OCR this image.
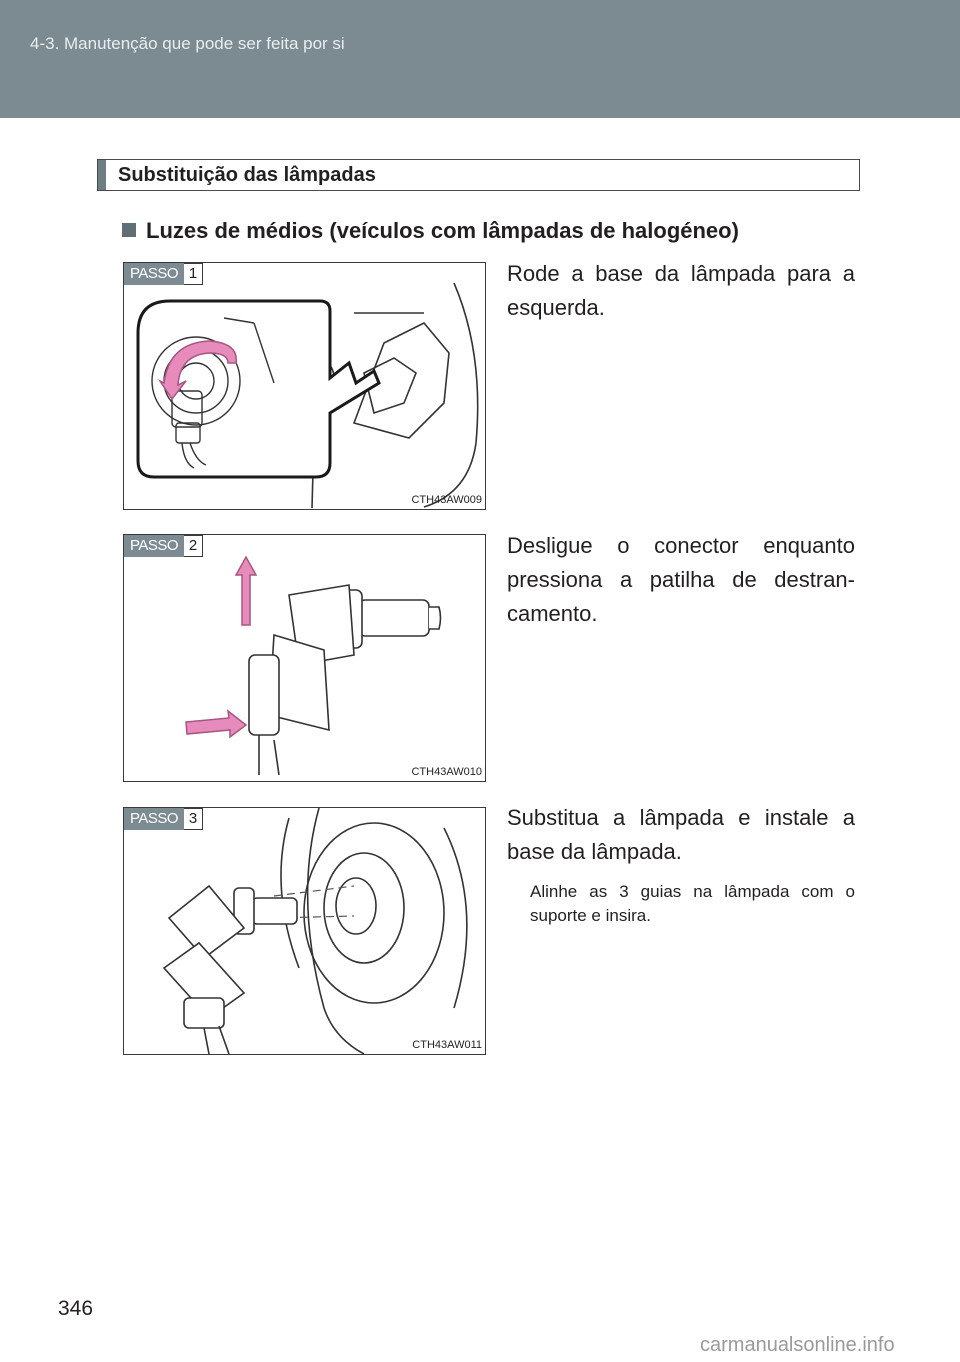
4-3. Manutenção que pode ser feita por si
Substituição das lâmpadas
Luzes de médios (veículos com lâmpadas de halogéneo)
PASSO 1
CTH43AW009
Rode a base da lâmpada para a esquerda.
PASSO 2
CTH43AW010
Desligue o conector enquanto pressiona a patilha de destran-camento.
PASSO 3
CTH43AW011
Substitua a lâmpada e instale a base da lâmpada.
Alinhe as 3 guias na lâmpada com o suporte e insira.
346
carmanualsonline.info
